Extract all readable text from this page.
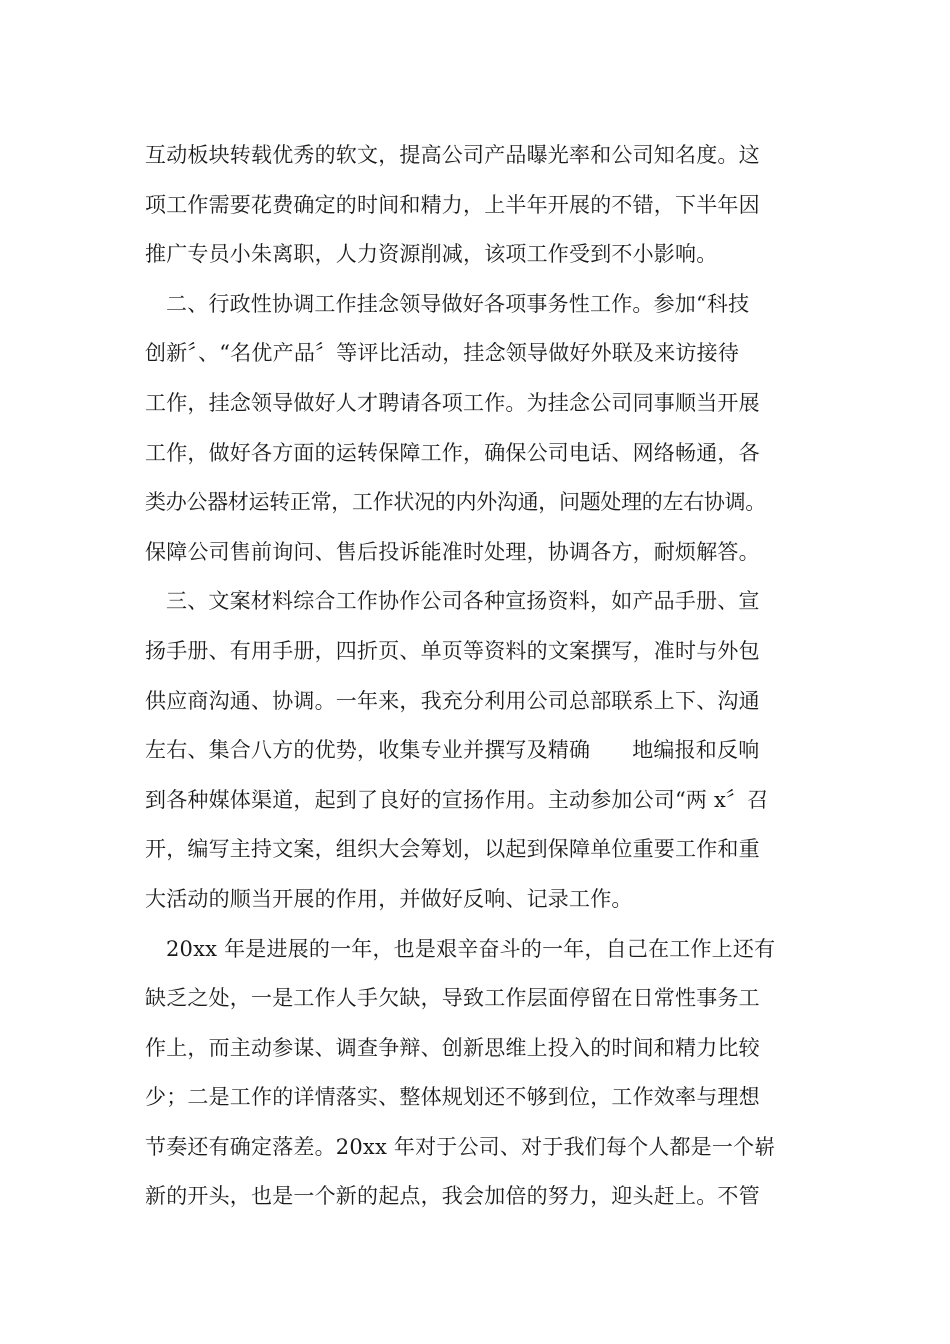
互动板块转载优秀的软文，提高公司产品曝光率和公司知名度。这
项工作需要花费确定的时间和精力，上半年开展的不错，下半年因
推广专员小朱离职，人力资源削减，该项工作受到不小影响。
二、行政性协调工作挂念领导做好各项事务性工作。参加“科技
创新〞、“名优产品〞等评比活动，挂念领导做好外联及来访接待
工作，挂念领导做好人才聘请各项工作。为挂念公司同事顺当开展
工作，做好各方面的运转保障工作，确保公司电话、网络畅通，各
类办公器材运转正常，工作状况的内外沟通，问题处理的左右协调。
保障公司售前询问、售后投诉能准时处理，协调各方，耐烦解答。
三、文案材料综合工作协作公司各种宣扬资料，如产品手册、宣
扬手册、有用手册，四折页、单页等资料的文案撰写，准时与外包
供应商沟通、协调。一年来，我充分利用公司总部联系上下、沟通
左右、集合八方的优势，收集专业并撰写及精确 地编报和反响
到各种媒体渠道，起到了良好的宣扬作用。主动参加公司“两 x〞召
开，编写主持文案，组织大会筹划，以起到保障单位重要工作和重
大活动的顺当开展的作用，并做好反响、记录工作。
20xx 年是进展的一年，也是艰辛奋斗的一年，自己在工作上还有
缺乏之处，一是工作人手欠缺，导致工作层面停留在日常性事务工
作上，而主动参谋、调查争辩、创新思维上投入的时间和精力比较
少；二是工作的详情落实、整体规划还不够到位，工作效率与理想
节奏还有确定落差。20xx 年对于公司、对于我们每个人都是一个崭
新的开头，也是一个新的起点，我会加倍的努力，迎头赶上。不管
